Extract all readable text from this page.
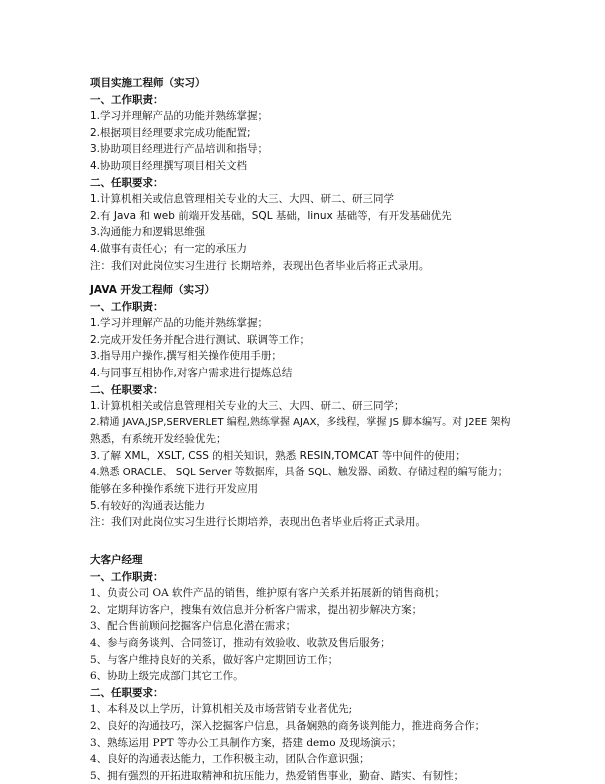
项目实施工程师（实习）
一、工作职责：
1.学习并理解产品的功能并熟练掌握；
2.根据项目经理要求完成功能配置;
3.协助项目经理进行产品培训和指导；
4.协助项目经理撰写项目相关文档
二、任职要求：
1.计算机相关或信息管理相关专业的大三、大四、研二、研三同学
2.有 Java 和 web 前端开发基础，SQL 基础，linux 基础等，有开发基础优先
3.沟通能力和逻辑思维强
4.做事有责任心；有一定的承压力
注：我们对此岗位实习生进行 长期培养，表现出色者毕业后将正式录用。
JAVA 开发工程师（实习）
一、工作职责：
1.学习并理解产品的功能并熟练掌握；
2.完成开发任务并配合进行测试、联调等工作；
3.指导用户操作,撰写相关操作使用手册；
4.与同事互相协作,对客户需求进行提炼总结
二、任职要求：
1.计算机相关或信息管理相关专业的大三、大四、研二、研三同学；
2.精通 JAVA,JSP,SERVERLET 编程,熟练掌握 AJAX，多线程，掌握 JS 脚本编写。对 J2EE 架构
熟悉，有系统开发经验优先；
3.了解 XML，XSLT, CSS 的相关知识，熟悉 RESIN,TOMCAT 等中间件的使用；
4.熟悉 ORACLE、 SQL Server 等数据库，具备 SQL、触发器、函数、存储过程的编写能力；
能够在多种操作系统下进行开发应用
5.有较好的沟通表达能力
注：我们对此岗位实习生进行长期培养，表现出色者毕业后将正式录用。
大客户经理
一、工作职责：
1、负责公司 OA 软件产品的销售，维护原有客户关系并拓展新的销售商机；
2、定期拜访客户，搜集有效信息并分析客户需求，提出初步解决方案；
3、配合售前顾问挖掘客户信息化潜在需求；
4、参与商务谈判、合同签订，推动有效验收、收款及售后服务；
5、与客户维持良好的关系，做好客户定期回访工作；
6、协助上级完成部门其它工作。
二、任职要求：
1、本科及以上学历，计算机相关及市场营销专业者优先;
2、良好的沟通技巧，深入挖掘客户信息，具备娴熟的商务谈判能力，推进商务合作；
3、熟练运用 PPT 等办公工具制作方案，搭建 demo 及现场演示；
4、良好的沟通表达能力，工作积极主动，团队合作意识强；
5、拥有强烈的开拓进取精神和抗压能力，热爱销售事业，勤奋、踏实、有韧性；
